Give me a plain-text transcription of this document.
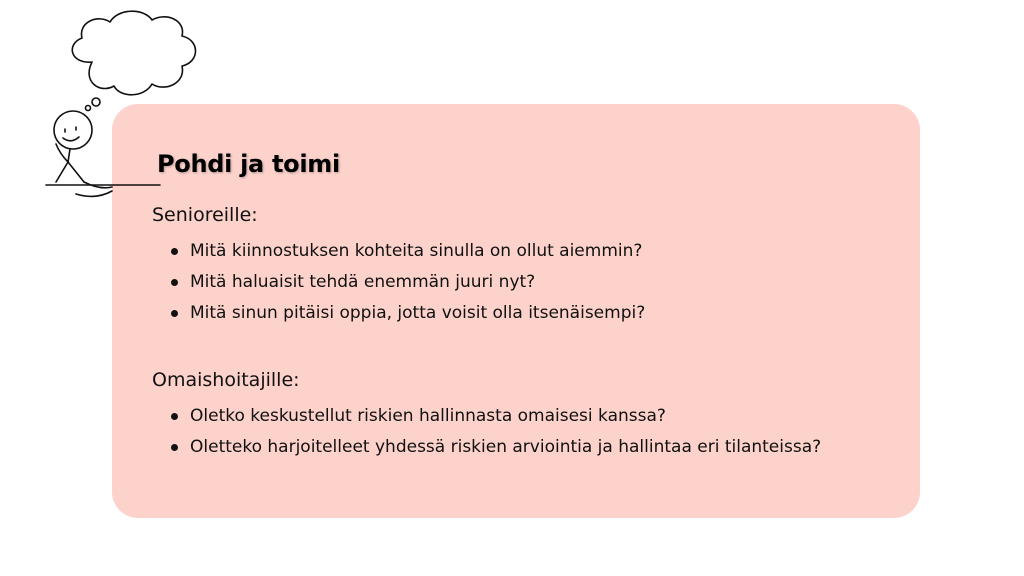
Pohdi ja toimi
Senioreille:
Mitä kiinnostuksen kohteita sinulla on ollut aiemmin?
Mitä haluaisit tehdä enemmän juuri nyt?
Mitä sinun pitäisi oppia, jotta voisit olla itsenäisempi?
Omaishoitajille:
Oletko keskustellut riskien hallinnasta omaisesi kanssa?
Oletteko harjoitelleet yhdessä riskien arviointia ja hallintaa eri tilanteissa?
